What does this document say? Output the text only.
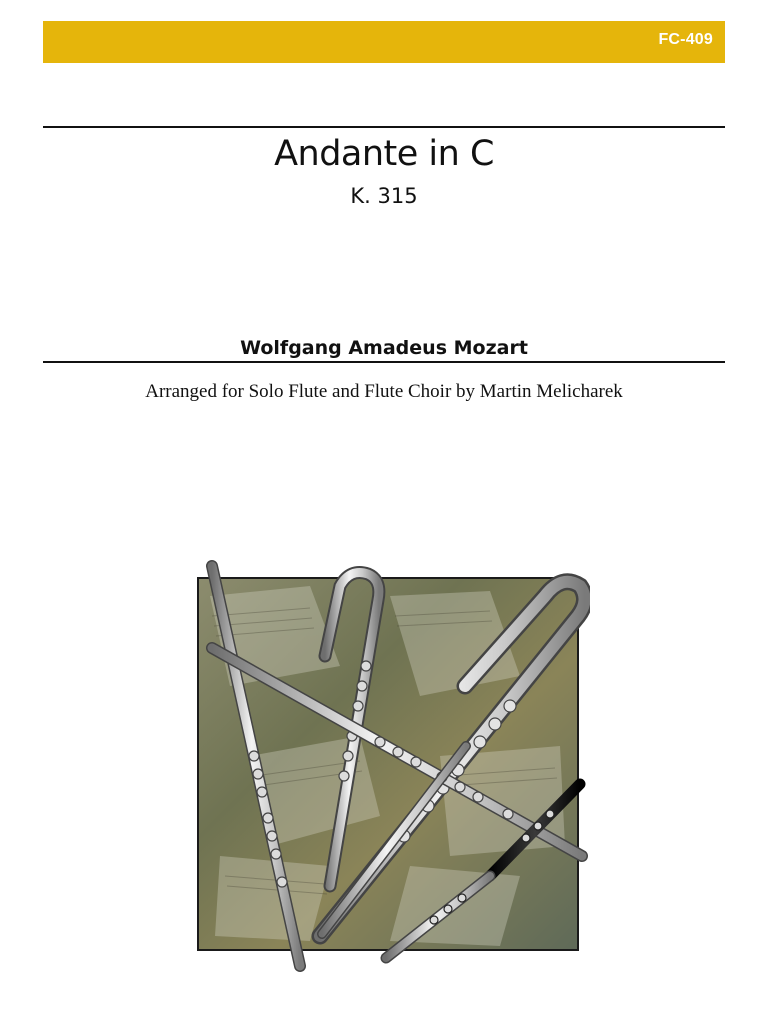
FC-409
Andante in C
K. 315
Wolfgang Amadeus Mozart
Arranged for Solo Flute and Flute Choir by Martin Melicharek
